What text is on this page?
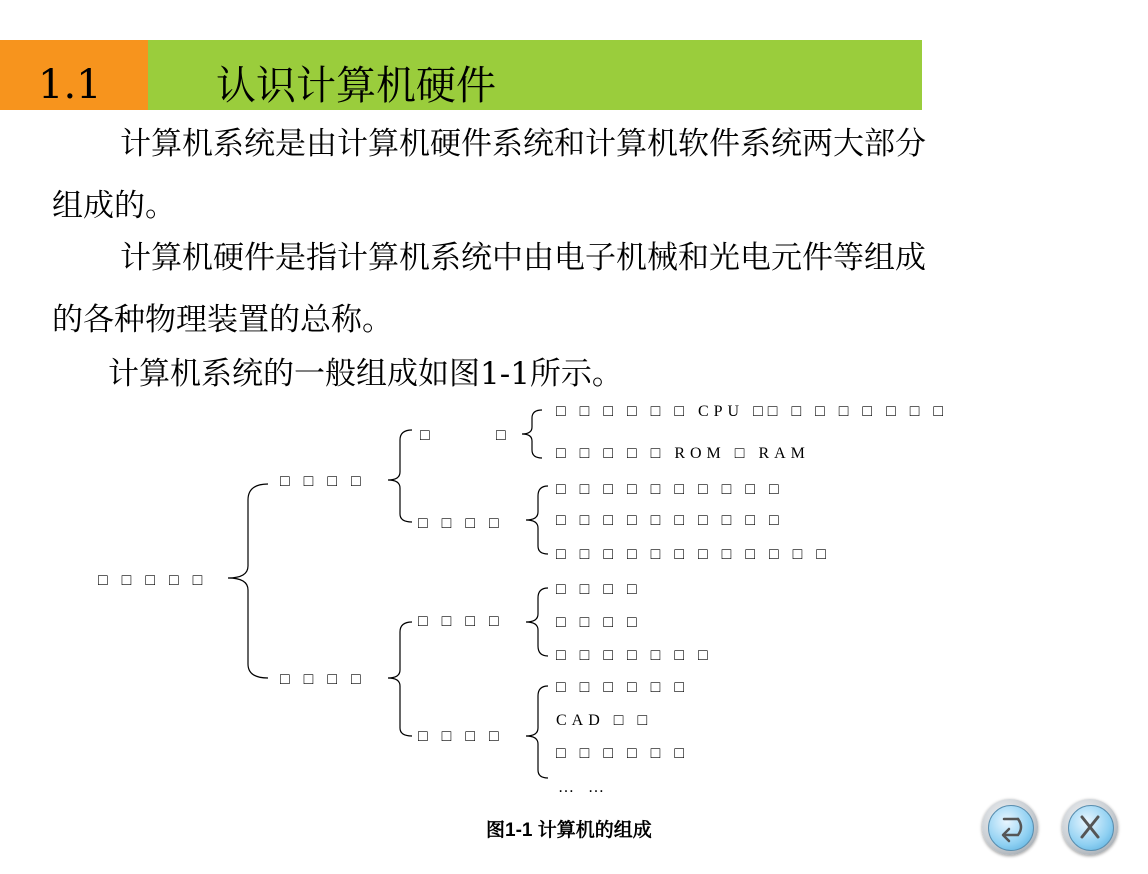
1.1	认识计算机硬件
计算机系统是由计算机硬件系统和计算机软件系统两大部分
组成的。
计算机硬件是指计算机系统中由电子机械和光电元件等组成
的各种物理装置的总称。
计算机系统的一般组成如图1-1所示。
□ □ □ □ □
□ □ □ □
□ □ □ □
□	□
□ □ □ □
□ □ □ □
□ □ □ □
□ □ □ □ □ □ CPU □□ □ □ □ □ □ □ □
□ □ □ □ □ ROM □ RAM
□ □ □ □ □ □ □ □ □ □
□ □ □ □ □ □ □ □ □ □
□ □ □ □ □ □ □ □ □ □ □ □
□ □ □ □
□ □ □ □
□ □ □ □ □ □ □
□ □ □ □ □ □
CAD □ □
□ □ □ □ □ □
… …
图1-1 计算机的组成
